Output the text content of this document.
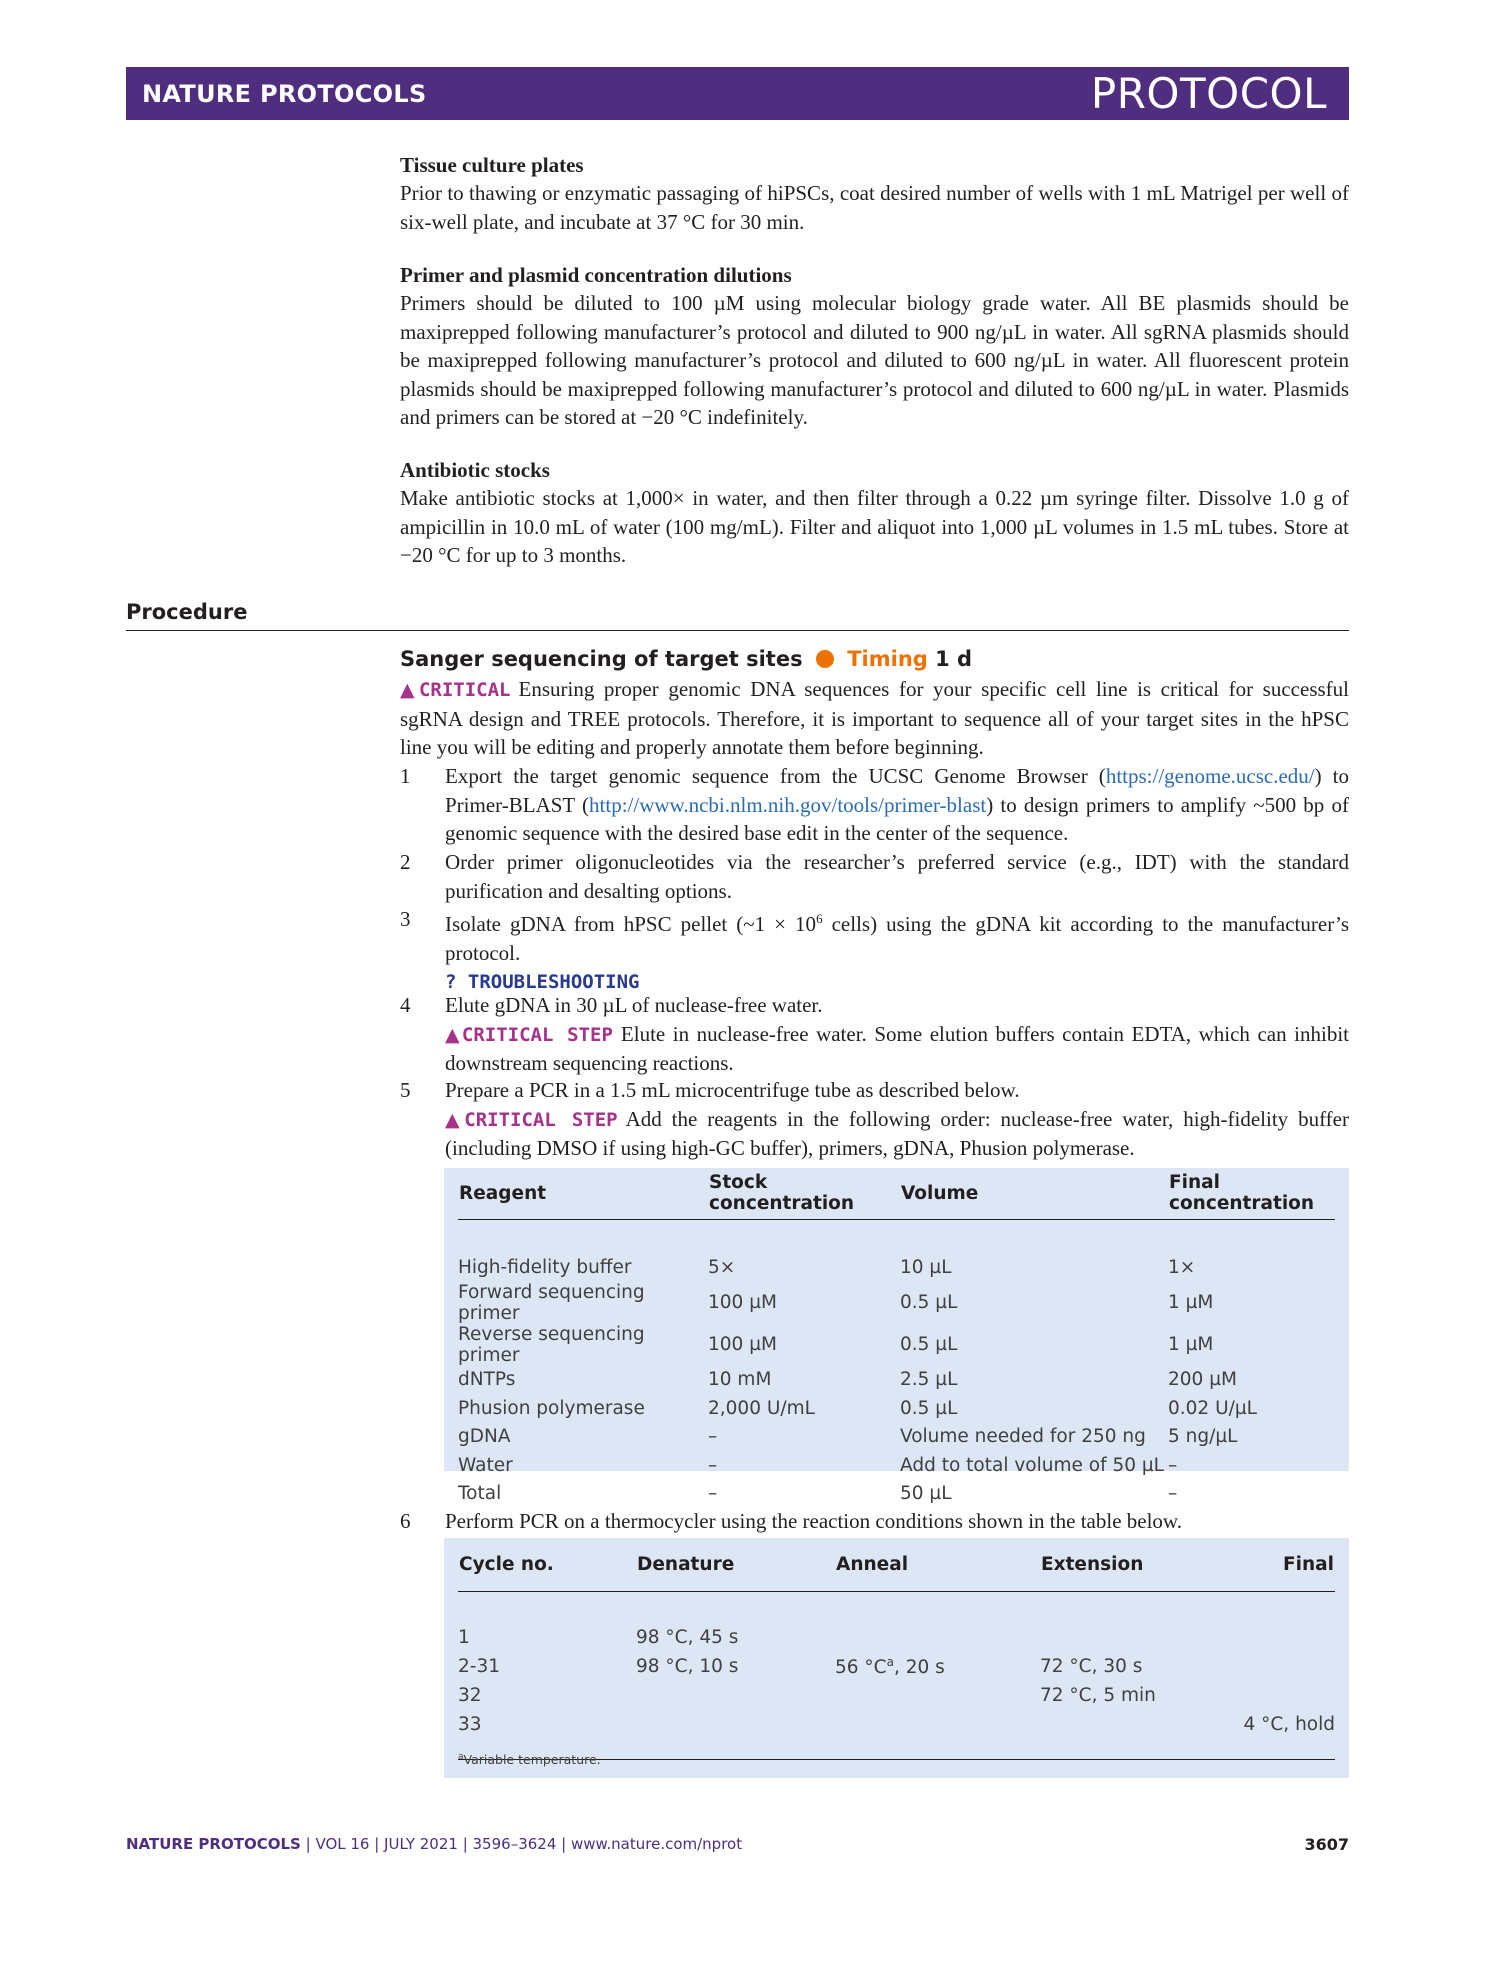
NATURE PROTOCOLS	PROTOCOL

Tissue culture plates

Prior to thawing or enzymatic passaging of hiPSCs, coat desired number of wells with 1 mL Matrigel per well of six-well plate, and incubate at 37 °C for 30 min.

Primer and plasmid concentration dilutions

Primers should be diluted to 100 µM using molecular biology grade water. All BE plasmids should be maxiprepped following manufacturer’s protocol and diluted to 900 ng/µL in water. All sgRNA plasmids should be maxiprepped following manufacturer’s protocol and diluted to 600 ng/µL in water. All fluorescent protein plasmids should be maxiprepped following manufacturer’s protocol and diluted to 600 ng/µL in water. Plasmids and primers can be stored at −20 °C indefinitely.

Antibiotic stocks

Make antibiotic stocks at 1,000× in water, and then filter through a 0.22 µm syringe filter. Dissolve 1.0 g of ampicillin in 10.0 mL of water (100 mg/mL). Filter and aliquot into 1,000 µL volumes in 1.5 mL tubes. Store at −20 °C for up to 3 months.

Procedure
Sanger sequencing of target sites Timing 1 d

▲CRITICAL Ensuring proper genomic DNA sequences for your specific cell line is critical for successful sgRNA design and TREE protocols. Therefore, it is important to sequence all of your target sites in the hPSC line you will be editing and properly annotate them before beginning.

1 Export the target genomic sequence from the UCSC Genome Browser (https://genome.ucsc.edu/) to Primer-BLAST (http://www.ncbi.nlm.nih.gov/tools/primer-blast) to design primers to amplify ~500 bp of genomic sequence with the desired base edit in the center of the sequence.
2 Order primer oligonucleotides via the researcher’s preferred service (e.g., IDT) with the standard purification and desalting options.
3 Isolate gDNA from hPSC pellet (~1 × $10^6$ cells) using the gDNA kit according to the manufacturer’s protocol.
? TROUBLESHOOTING
4 Elute gDNA in 30 µL of nuclease-free water.
▲CRITICAL STEP Elute in nuclease-free water. Some elution buffers contain EDTA, which can inhibit downstream sequencing reactions.
5 Prepare a PCR in a 1.5 mL microcentrifuge tube as described below.
▲CRITICAL STEP Add the reagents in the following order: nuclease-free water, high-fidelity buffer (including DMSO if using high-GC buffer), primers, gDNA, Phusion polymerase.
Reagent	Stock concentration	Volume	Final concentration

High-fidelity buffer	5×	10 µL	1×
Forward sequencing primer	100 µM	0.5 µL	1 µM
Reverse sequencing primer	100 µM	0.5 µL	1 µM
dNTPs	10 mM	2.5 µL	200 µM
Phusion polymerase	2,000 U/mL	0.5 µL	0.02 U/µL
gDNA	–	Volume needed for 250 ng	5 ng/µL
Water	–	Add to total volume of 50 µL	–
Total	–	50 µL	–
6 Perform PCR on a thermocycler using the reaction conditions shown in the table below.
Cycle no.	Denature	Anneal	Extension	Final

1	98 °C, 45 s			
2-31	98 °C, 10 s	56 $^\circ C^a$, 20 s	72 °C, 30 s	
32			72 °C, 5 min	
33				4 °C, hold

$^a$Variable temperature.
NATURE PROTOCOLS | VOL 16 | JULY 2021 | 3596–3624 | www.nature.com/nprot	3607
